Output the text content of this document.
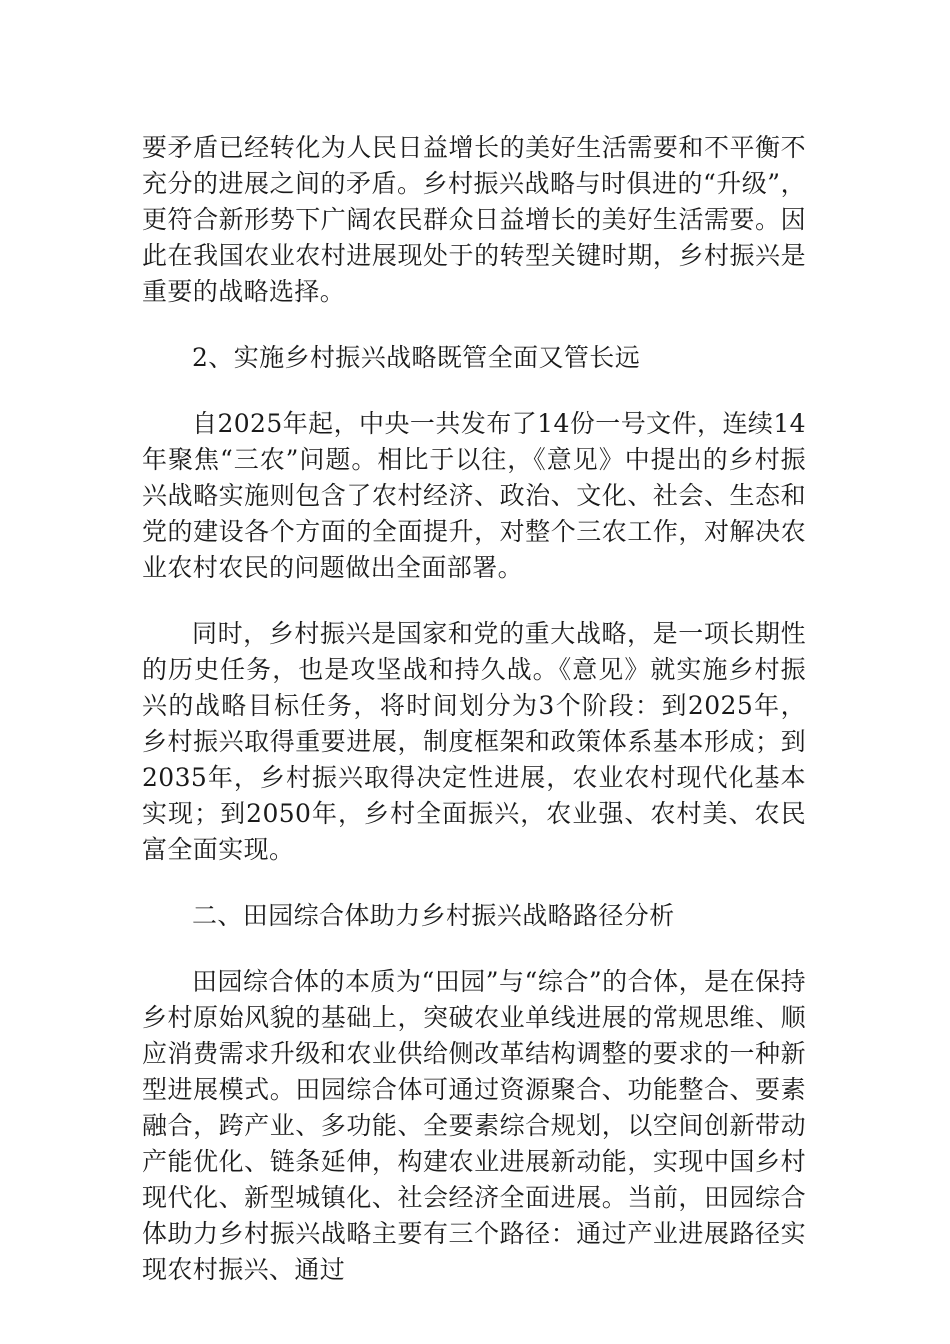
要矛盾已经转化为人民日益增长的美好生活需要和不平衡不充分的进展之间的矛盾。乡村振兴战略与时俱进的“升级”，更符合新形势下广阔农民群众日益增长的美好生活需要。因此在我国农业农村进展现处于的转型关键时期，乡村振兴是重要的战略选择。

2、实施乡村振兴战略既管全面又管长远

自2025年起，中央一共发布了14份一号文件，连续14年聚焦“三农”问题。相比于以往，《意见》中提出的乡村振兴战略实施则包含了农村经济、政治、文化、社会、生态和党的建设各个方面的全面提升，对整个三农工作，对解决农业农村农民的问题做出全面部署。

同时，乡村振兴是国家和党的重大战略，是一项长期性的历史任务，也是攻坚战和持久战。《意见》就实施乡村振兴的战略目标任务，将时间划分为3个阶段：到2025年，乡村振兴取得重要进展，制度框架和政策体系基本形成；到2035年，乡村振兴取得决定性进展，农业农村现代化基本实现；到2050年，乡村全面振兴，农业强、农村美、农民富全面实现。

二、田园综合体助力乡村振兴战略路径分析

田园综合体的本质为“田园”与“综合”的合体，是在保持乡村原始风貌的基础上，突破农业单线进展的常规思维、顺应消费需求升级和农业供给侧改革结构调整的要求的一种新型进展模式。田园综合体可通过资源聚合、功能整合、要素融合，跨产业、多功能、全要素综合规划，以空间创新带动产能优化、链条延伸，构建农业进展新动能，实现中国乡村现代化、新型城镇化、社会经济全面进展。当前，田园综合体助力乡村振兴战略主要有三个路径：通过产业进展路径实现农村振兴、通过
